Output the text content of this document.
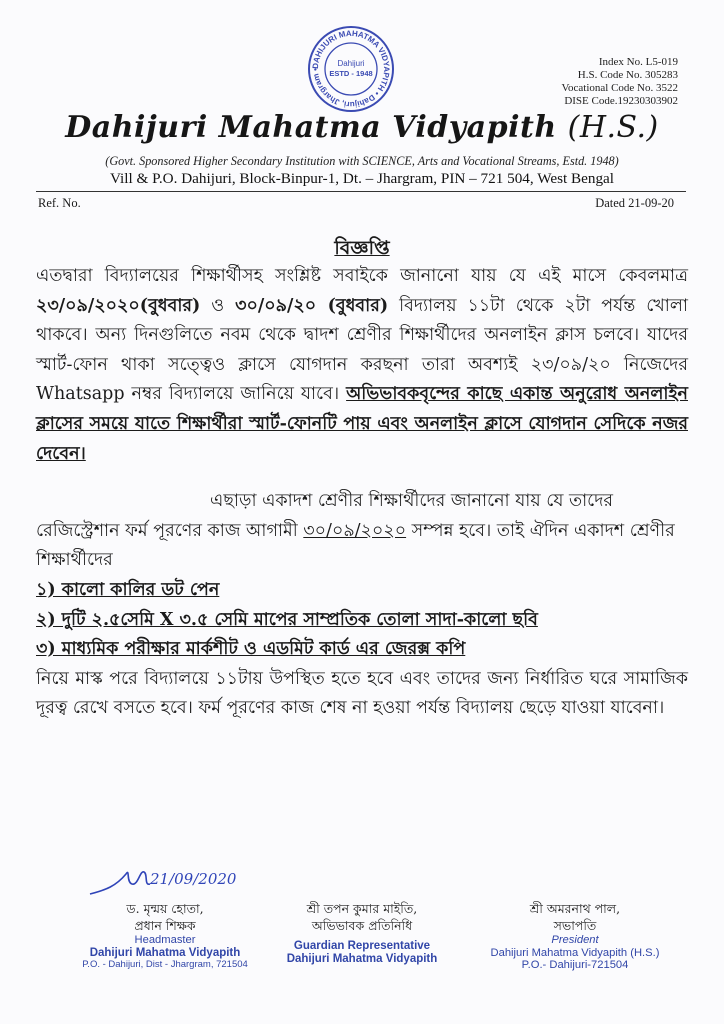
DAHIJURI MAHATMA VIDYAPITH • Dahijuri, Jhargram •
Dahijuri
ESTD - 1948
Index No. L5-019
H.S. Code No. 305283
Vocational Code No. 3522
DISE Code.19230303902
Dahijuri Mahatma Vidyapith (H.S.)
(Govt. Sponsored Higher Secondary Institution with SCIENCE, Arts and Vocational Streams, Estd. 1948)
Vill & P.O. Dahijuri, Block-Binpur-1, Dt. – Jhargram, PIN – 721 504, West Bengal
Ref. No.	Dated 21-09-20
বিজ্ঞপ্তি

এতদ্বারা বিদ্যালয়ের শিক্ষার্থীসহ সংশ্লিষ্ট সবাইকে জানানো যায় যে এই মাসে কেবলমাত্র ২৩/০৯/২০২০(বুধবার) ও ৩০/০৯/২০ (বুধবার) বিদ্যালয় ১১টা থেকে ২টা পর্যন্ত খোলা থাকবে। অন্য দিনগুলিতে নবম থেকে দ্বাদশ শ্রেণীর শিক্ষার্থীদের অনলাইন ক্লাস চলবে। যাদের স্মার্ট-ফোন থাকা সত্ত্বেও ক্লাসে যোগদান করছনা তারা অবশ্যই ২৩/০৯/২০ নিজেদের Whatsapp নম্বর বিদ্যালয়ে জানিয়ে যাবে। অভিভাবকবৃন্দের কাছে একান্ত অনুরোধ অনলাইন ক্লাসের সময়ে যাতে শিক্ষার্থীরা স্মার্ট-ফোনটি পায় এবং অনলাইন ক্লাসে যোগদান সেদিকে নজর দেবেন।

এছাড়া একাদশ শ্রেণীর শিক্ষার্থীদের জানানো যায় যে তাদের রেজিস্ট্রেশান ফর্ম পূরণের কাজ আগামী ৩০/০৯/২০২০ সম্পন্ন হবে। তাই ঐদিন একাদশ শ্রেণীর শিক্ষার্থীদের

১) কালো কালির ডট পেন

২) দুটি ২.৫সেমি X ৩.৫ সেমি মাপের সাম্প্রতিক তোলা সাদা-কালো ছবি

৩) মাধ্যমিক পরীক্ষার মার্কশীট ও এডমিট কার্ড এর জেরক্স কপি

নিয়ে মাস্ক পরে বিদ্যালয়ে ১১টায় উপস্থিত হতে হবে এবং তাদের জন্য নির্ধারিত ঘরে সামাজিক দূরত্ব রেখে বসতে হবে। ফর্ম পূরণের কাজ শেষ না হওয়া পর্যন্ত বিদ্যালয় ছেড়ে যাওয়া যাবেনা।

21/09/2020
ড. মৃন্ময় হোতা,
প্রধান শিক্ষক
Headmaster
Dahijuri Mahatma Vidyapith
P.O. - Dahijuri, Dist - Jhargram, 721504
শ্রী তপন কুমার মাইতি,
অভিভাবক প্রতিনিধি
Guardian Representative
Dahijuri Mahatma Vidyapith
শ্রী অমরনাথ পাল,
সভাপতি
President
Dahijuri Mahatma Vidyapith (H.S.)
P.O.- Dahijuri-721504
